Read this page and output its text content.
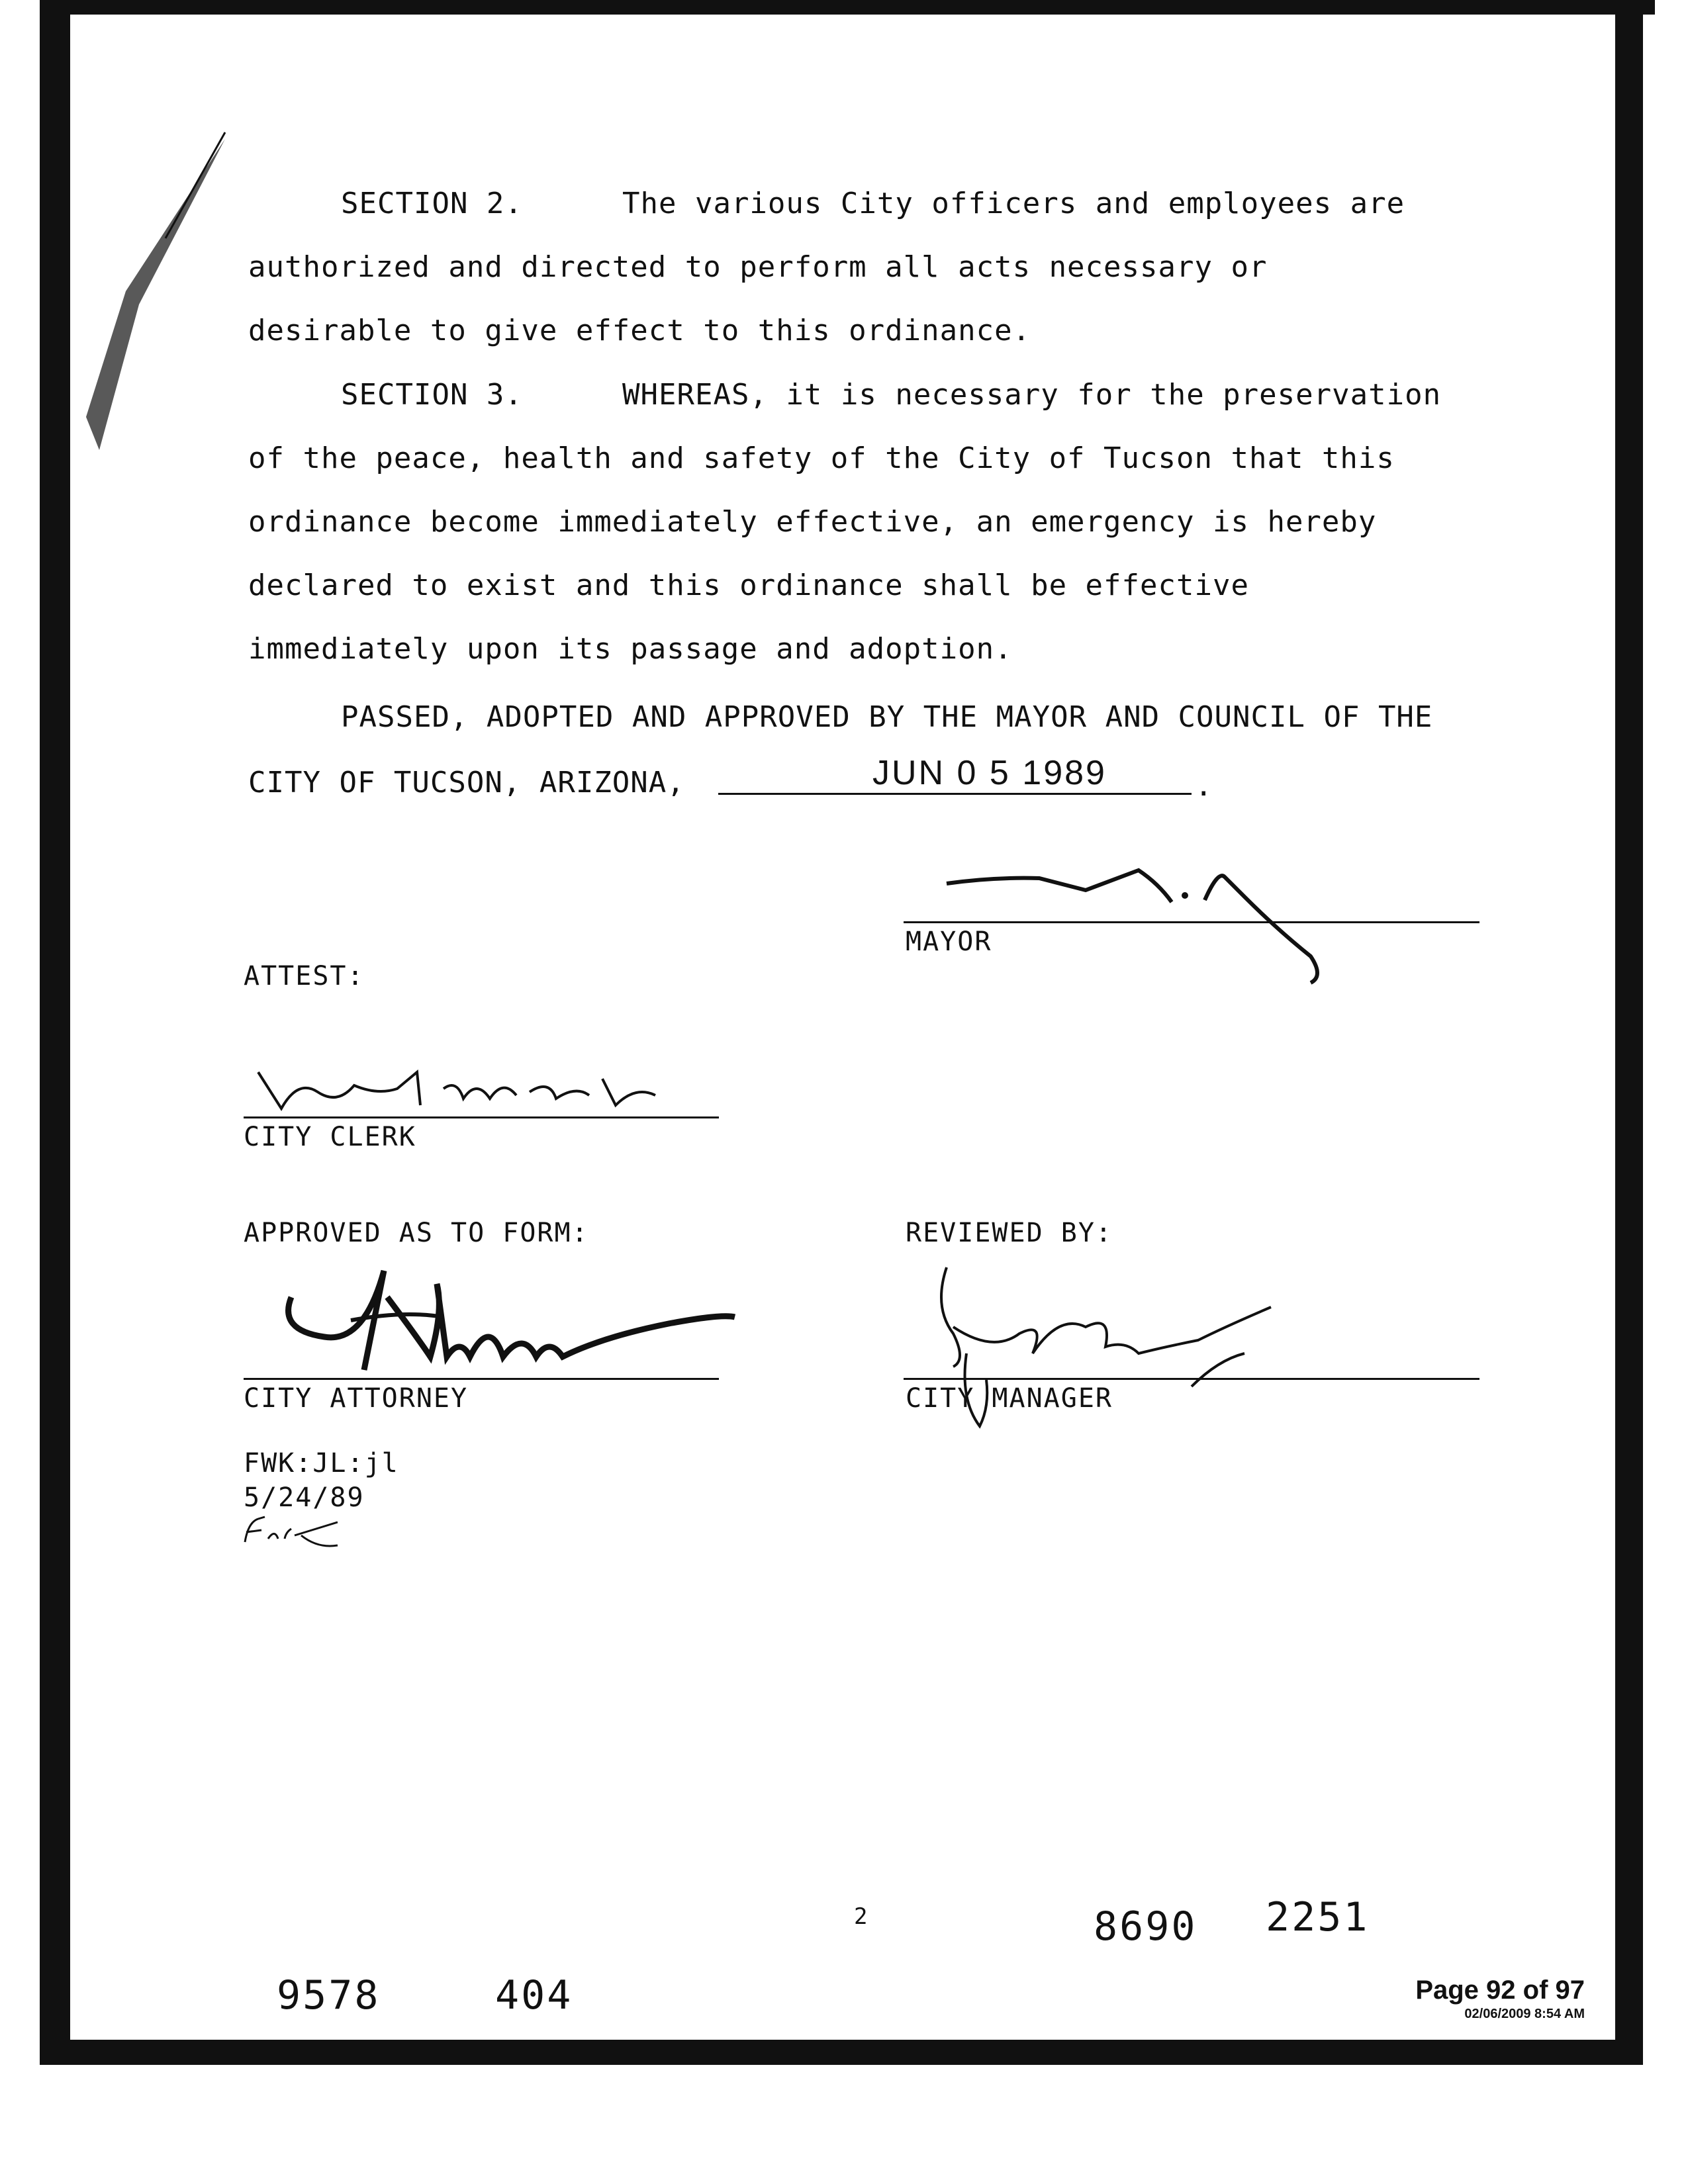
SECTION 2.	The various City officers and employees are
authorized and directed to perform all acts necessary or
desirable to give effect to this ordinance.
SECTION 3.	WHEREAS, it is necessary for the preservation
of the peace, health and safety of the City of Tucson that this
ordinance become immediately effective, an emergency is hereby
declared to exist and this ordinance shall be effective
immediately upon its passage and adoption.
PASSED, ADOPTED AND APPROVED BY THE MAYOR AND COUNCIL OF THE
CITY OF TUCSON, ARIZONA,	JUN 0 5 1989	.
MAYOR
ATTEST:
CITY CLERK
APPROVED AS TO FORM:
CITY ATTORNEY
REVIEWED BY:
CITY MANAGER
FWK:JL:jl
5/24/89
2	8690 2251
9578	404	Page 92 of 97
02/06/2009 8:54 AM
